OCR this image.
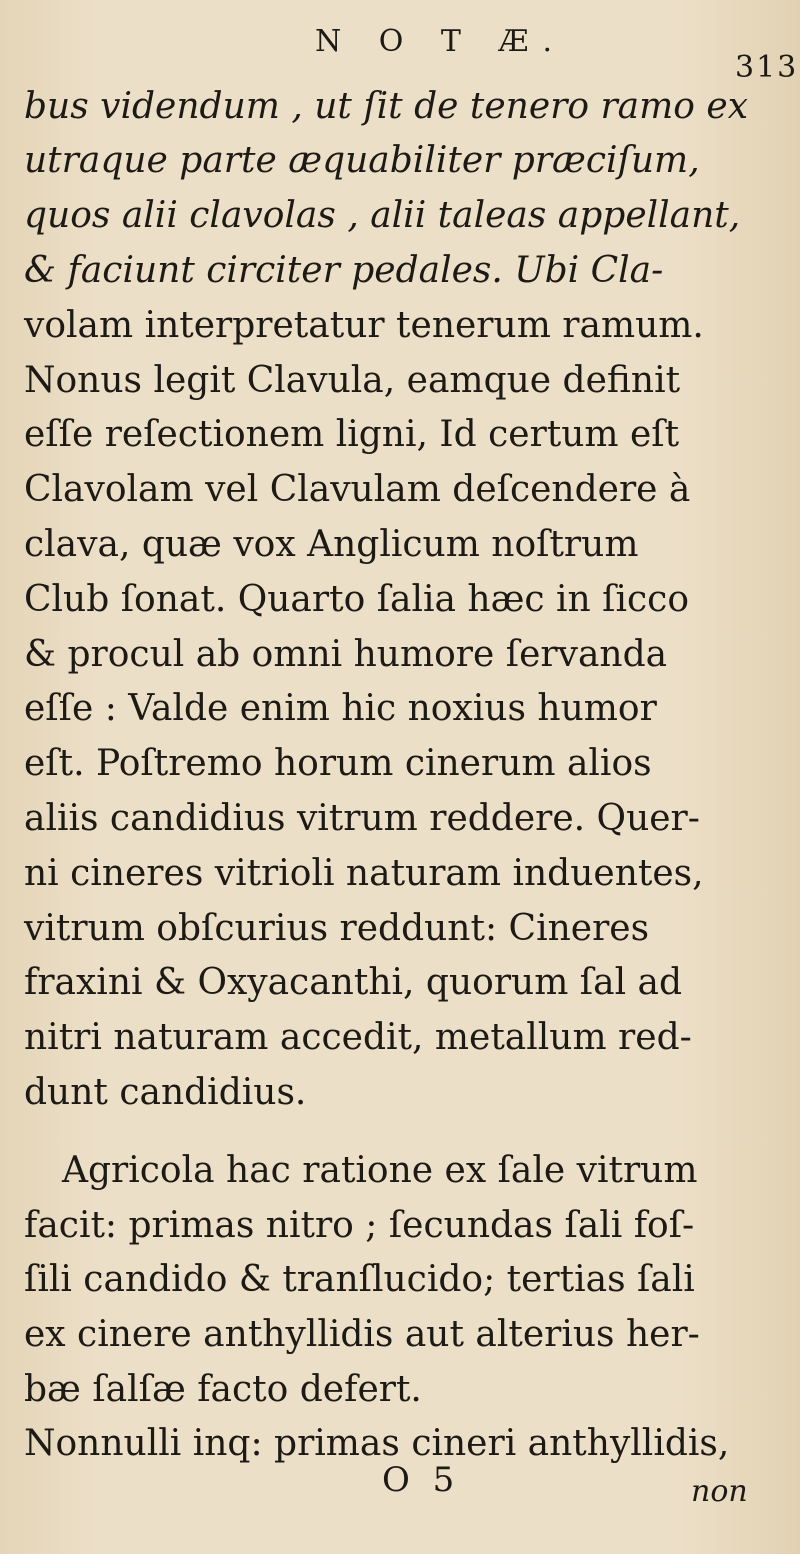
N O T Æ.
313
bus videndum , ut ſit de tenero ramo ex
utraque parte æquabiliter præciſum,
quos alii clavolas , alii taleas appellant,
& faciunt circiter pedales. Ubi Cla-
volam interpretatur tenerum ramum.
Nonus legit Clavula, eamque definit
eſſe reſectionem ligni, Id certum eſt
Clavolam vel Clavulam deſcendere à
clava, quæ vox Anglicum noſtrum
Club ſonat. Quarto ſalia hæc in ſicco
& procul ab omni humore ſervanda
eſſe : Valde enim hic noxius humor
eſt. Poſtremo horum cinerum alios
aliis candidius vitrum reddere. Quer-
ni cineres vitrioli naturam induentes,
vitrum obſcurius reddunt: Cineres
fraxini & Oxyacanthi, quorum ſal ad
nitri naturam accedit, metallum red-
dunt candidius.
Agricola hac ratione ex ſale vitrum
facit: primas nitro ; ſecundas ſali foſ-
ſili candido & tranſlucido; tertias ſali
ex cinere anthyllidis aut alterius her-
bæ ſalſæ facto defert.
Nonnulli inq: primas cineri anthyllidis,
O 5	non
